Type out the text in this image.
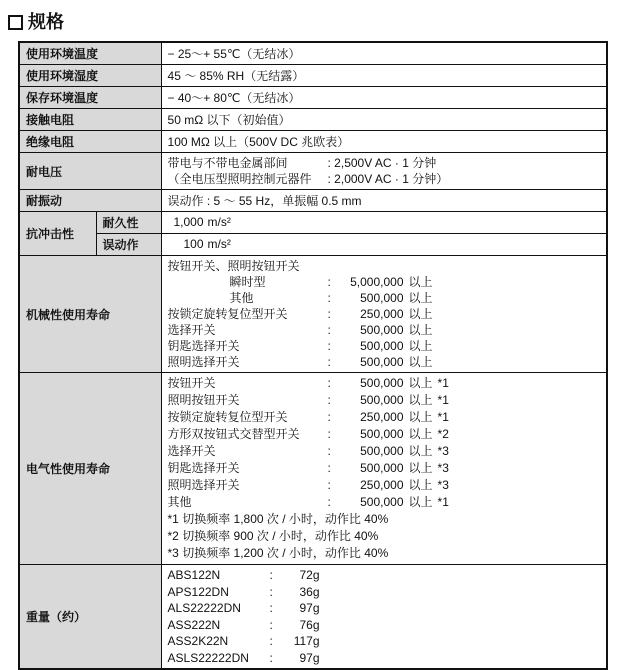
规格
使用环境温度		− 25～+ 55℃（无结冰）
使用环境湿度		45 ～ 85% RH（无结露）
保存环境温度		− 40～+ 80℃（无结冰）
接触电阻		50 mΩ 以下（初始值）
绝缘电阻		100 MΩ 以上（500V DC 兆欧表）
耐电压		带电与不带电金属部间 : 2,500V AC · 1 分钟
（全电压型照明控制元器件 : 2,000V AC · 1 分钟）

耐振动		误动作 : 5 ～ 55 Hz，单振幅 0.5 mm
抗冲击性	耐久性	1,000 m/s²

	误动作	100 m/s²

机械性使用寿命	
按钮开关、照明按钮开关
瞬时型	:	5,000,000 以上
其他	:	500,000 以上
按锁定旋转复位型开关	:	250,000 以上
选择开关	:	500,000 以上
钥匙选择开关	:	500,000 以上
照明选择开关	:	500,000 以上

电气性使用寿命	
按钮开关	:	500,000 以上 *1
照明按钮开关	:	500,000 以上 *1
按锁定旋转复位型开关	:	250,000 以上 *1
方形双按钮式交替型开关	:	500,000 以上 *2
选择开关	:	500,000 以上 *3
钥匙选择开关	:	500,000 以上 *3
照明选择开关	:	250,000 以上 *3
其他	:	500,000 以上 *1
*1 切换频率 1,800 次 / 小时，动作比 40%
*2 切换频率 900 次 / 小时，动作比 40%
*3 切换频率 1,200 次 / 小时，动作比 40%

重量（约）	
ABS122N	:	72g
APS122DN	:	36g
ALS22222DN	:	97g
ASS222N	:	76g
ASS2K22N	:	117g
ASLS22222DN	:	97g
